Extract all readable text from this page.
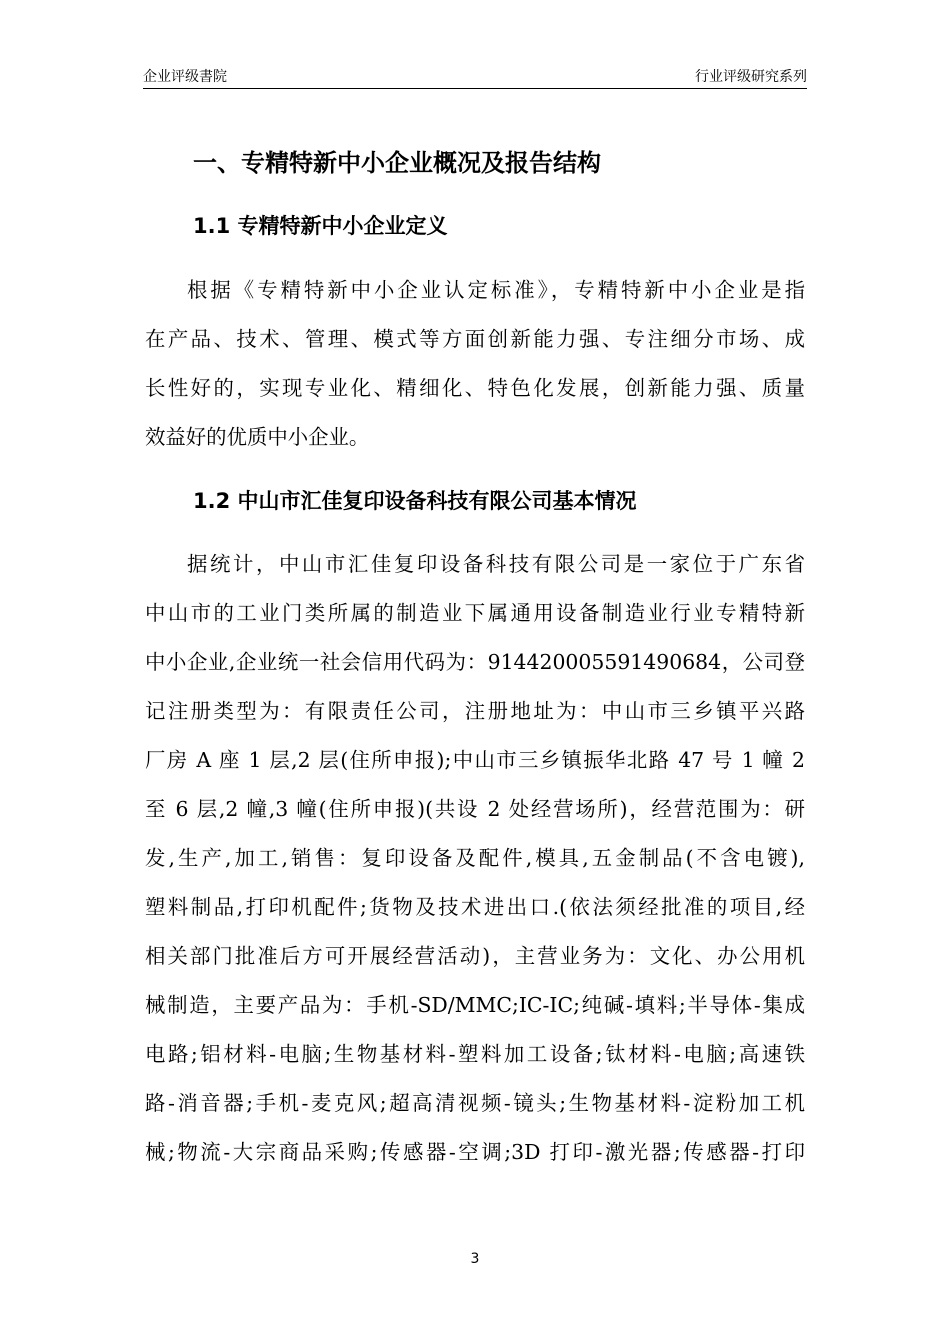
企业评级書院	行业评级研究系列
一、专精特新中小企业概况及报告结构
1.1 专精特新中小企业定义
根据《专精特新中小企业认定标准》，专精特新中小企业是指
在产品、技术、管理、模式等方面创新能力强、专注细分市场、成
长性好的，实现专业化、精细化、特色化发展，创新能力强、质量
效益好的优质中小企业。
1.2 中山市汇佳复印设备科技有限公司基本情况
据统计，中山市汇佳复印设备科技有限公司是一家位于广东省
中山市的工业门类所属的制造业下属通用设备制造业行业专精特新
中小企业,企业统一社会信用代码为：914420005591490684，公司登
记注册类型为：有限责任公司，注册地址为：中山市三乡镇平兴路
厂房 A 座 1 层,2 层(住所申报);中山市三乡镇振华北路 47 号 1 幢 2
至 6 层,2 幢,3 幢(住所申报)(共设 2 处经营场所)，经营范围为：研
发,生产,加工,销售：复印设备及配件,模具,五金制品(不含电镀),
塑料制品,打印机配件;货物及技术进出口.(依法须经批准的项目,经
相关部门批准后方可开展经营活动)，主营业务为：文化、办公用机
械制造，主要产品为：手机-SD/MMC;IC-IC;纯碱-填料;半导体-集成
电路;铝材料-电脑;生物基材料-塑料加工设备;钛材料-电脑;高速铁
路-消音器;手机-麦克风;超高清视频-镜头;生物基材料-淀粉加工机
械;物流-大宗商品采购;传感器-空调;3D 打印-激光器;传感器-打印
3
